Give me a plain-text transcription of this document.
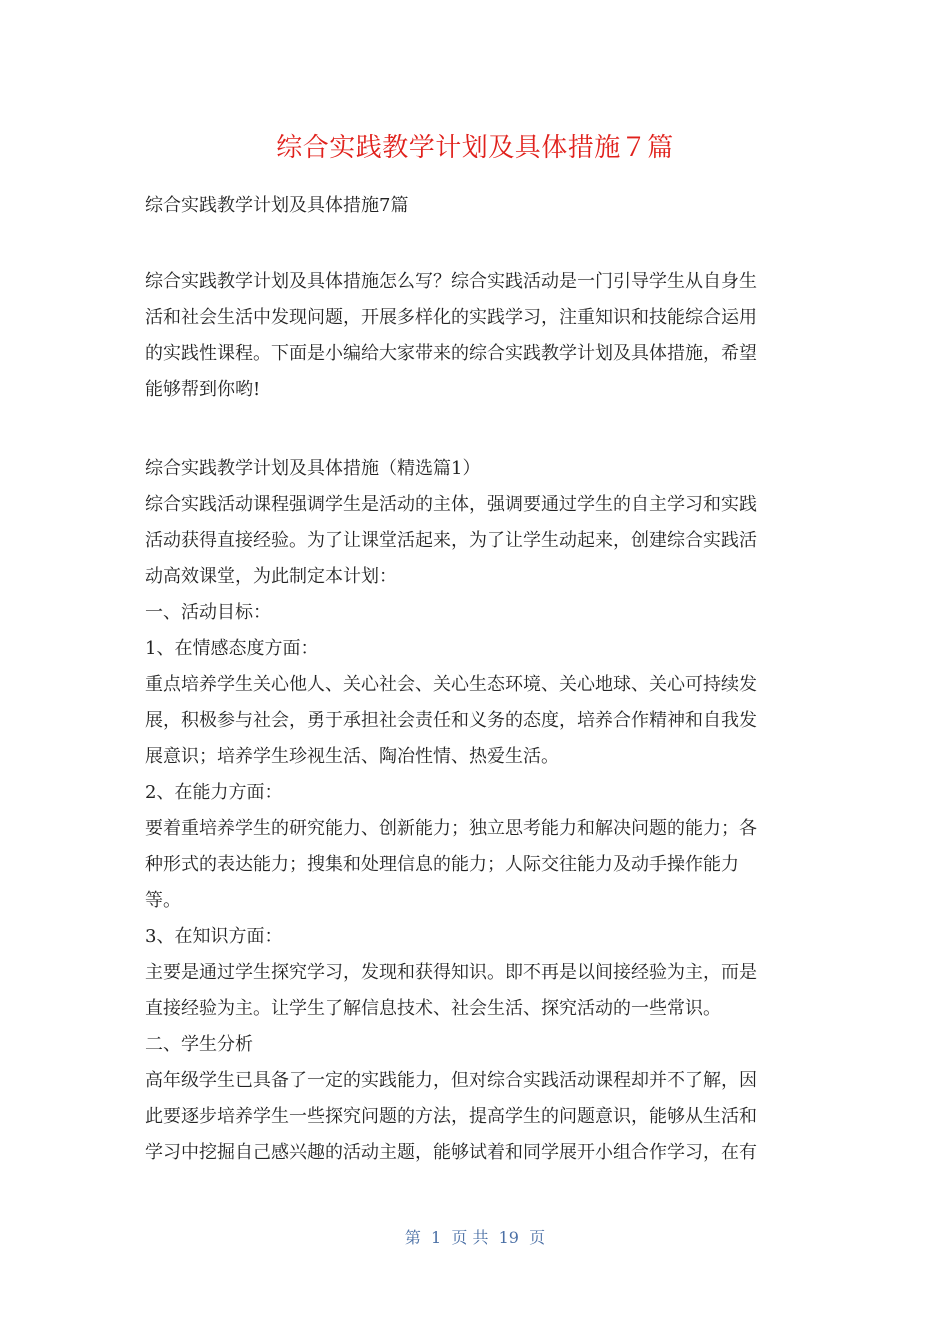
综合实践教学计划及具体措施７篇
综合实践教学计划及具体措施7篇
综合实践教学计划及具体措施怎么写？综合实践活动是一门引导学生从自身生
活和社会生活中发现问题，开展多样化的实践学习，注重知识和技能综合运用
的实践性课程。下面是小编给大家带来的综合实践教学计划及具体措施，希望
能够帮到你哟!
综合实践教学计划及具体措施（精选篇1）
综合实践活动课程强调学生是活动的主体，强调要通过学生的自主学习和实践
活动获得直接经验。为了让课堂活起来，为了让学生动起来，创建综合实践活
动高效课堂，为此制定本计划：
一、活动目标：
1、在情感态度方面：
重点培养学生关心他人、关心社会、关心生态环境、关心地球、关心可持续发
展，积极参与社会，勇于承担社会责任和义务的态度，培养合作精神和自我发
展意识；培养学生珍视生活、陶冶性情、热爱生活。
2、在能力方面：
要着重培养学生的研究能力、创新能力；独立思考能力和解决问题的能力；各
种形式的表达能力；搜集和处理信息的能力；人际交往能力及动手操作能力
等。
3、在知识方面：
主要是通过学生探究学习，发现和获得知识。即不再是以间接经验为主，而是
直接经验为主。让学生了解信息技术、社会生活、探究活动的一些常识。
二、学生分析
高年级学生已具备了一定的实践能力，但对综合实践活动课程却并不了解，因
此要逐步培养学生一些探究问题的方法，提高学生的问题意识，能够从生活和
学习中挖掘自己感兴趣的活动主题，能够试着和同学展开小组合作学习，在有
第  1  页 共  19  页
